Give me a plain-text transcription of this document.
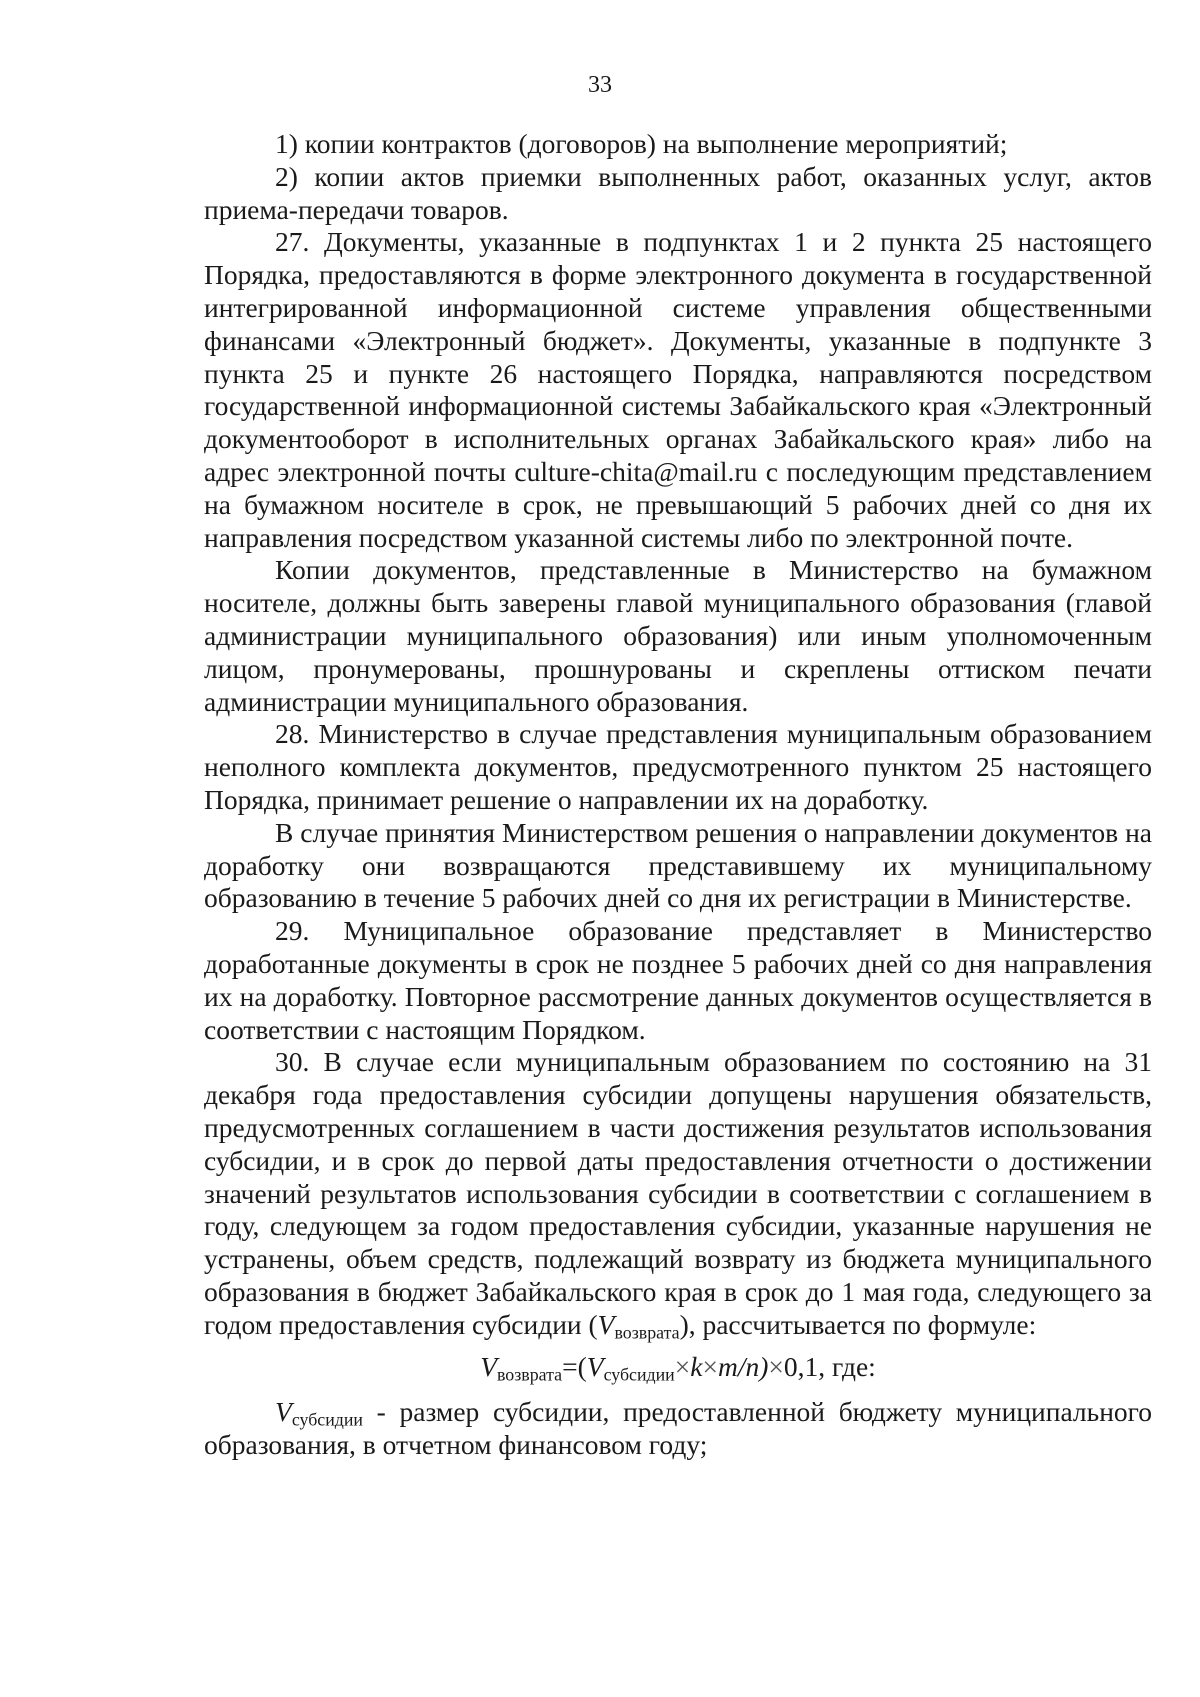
33

1) копии контрактов (договоров) на выполнение мероприятий;

2) копии актов приемки выполненных работ, оказанных услуг, актов приема-передачи товаров.

27. Документы, указанные в подпунктах 1 и 2 пункта 25 настоящего Порядка, предоставляются в форме электронного документа в государственной интегрированной информационной системе управления общественными финансами «Электронный бюджет». Документы, указанные в подпункте 3 пункта 25 и пункте 26 настоящего Порядка, направляются посредством государственной информационной системы Забайкальского края «Электронный документооборот в исполнительных органах Забайкальского края» либо на адрес электронной почты culture-chita@mail.ru с последующим представлением на бумажном носителе в срок, не превышающий 5 рабочих дней со дня их направления посредством указанной системы либо по электронной почте.

Копии документов, представленные в Министерство на бумажном носителе, должны быть заверены главой муниципального образования (главой администрации муниципального образования) или иным уполномоченным лицом, пронумерованы, прошнурованы и скреплены оттиском печати администрации муниципального образования.

28. Министерство в случае представления муниципальным образованием неполного комплекта документов, предусмотренного пунктом 25 настоящего Порядка, принимает решение о направлении их на доработку.

В случае принятия Министерством решения о направлении документов на доработку они возвращаются представившему их муниципальному образованию в течение 5 рабочих дней со дня их регистрации в Министерстве.

29. Муниципальное образование представляет в Министерство доработанные документы в срок не позднее 5 рабочих дней со дня направления их на доработку. Повторное рассмотрение данных документов осуществляется в соответствии с настоящим Порядком.

30. В случае если муниципальным образованием по состоянию на 31 декабря года предоставления субсидии допущены нарушения обязательств, предусмотренных соглашением в части достижения результатов использования субсидии, и в срок до первой даты предоставления отчетности о достижении значений результатов использования субсидии в соответствии с соглашением в году, следующем за годом предоставления субсидии, указанные нарушения не устранены, объем средств, подлежащий возврату из бюджета муниципального образования в бюджет Забайкальского края в срок до 1 мая года, следующего за годом предоставления субсидии $(V_{возврата})$, рассчитывается по формуле:

$V_{возврата}=(V_{субсидии}\times k\times m/n)\times 0,1$, где:

$V_{субсидии}$ - размер субсидии, предоставленной бюджету муниципального образования, в отчетном финансовом году;
